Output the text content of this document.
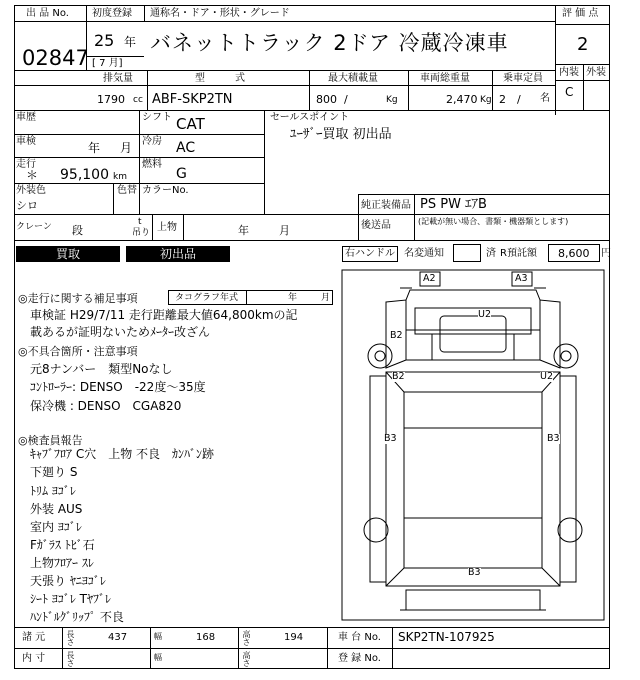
出 品 No.
02847
初度登録 通称名・ドア・形状・グレード
25 年
[ 7 月]
バネットトラック 2ドア 冷蔵冷凍車
評 価 点
2
内装 外装
C
排気量	型　　　式	最大積載量	車両総重量	乗車定員
1790 cc ABF-SKP2TN	800 /	Kg	2,470 Kg 2 / 名
車歴	シフト CAT
車検	年 月 冷房 AC
走行
＊ 95,100 km
燃料
G
外装色
シロ
色替 カラーNo.
セールスポイント
ﾕｰｻﾞｰ買取 初出品
純正装備品 PS PW ｴｱB
後送品	(記載が無い場合、書類・機器類とします)
クレーン 段
t
吊り 上物	年	月
買取	初出品	右ハンドル 名変通知	済 R預託額 8,600 円
◎走行に関する補足事項	タコグラフ年式	年	月
車検証 H29/7/11 走行距離最大値64,800kmの記
載あるが証明ないためﾒｰﾀｰ改ざん
◎不具合箇所・注意事項
元8ナンバー　類型Noなし
ｺﾝﾄﾛｰﾗｰ: DENSO　-22度～35度
保冷機 : DENSO　CGA820
◎検査員報告
ｷｬﾌﾞﾌﾛｱ C穴　上物 不良　ｶﾝﾊﾞﾝ跡
下廻り S
ﾄﾘﾑ ﾖｺﾞﾚ
外装 AUS
室内 ﾖｺﾞﾚ
Fｶﾞﾗｽ ﾄﾋﾞ石
上物ﾌﾛｱｰ ｽﾚ
天張り ﾔﾆﾖｺﾞﾚ
ｼｰﾄ ﾖｺﾞﾚ Tﾔﾌﾞﾚ
ﾊﾝﾄﾞﾙｸﾞﾘｯﾌﾟ 不良
A2	A3
U2
B2
B2	U2
B3	B3
B3
諸 元	長さ	437	幅	168	高さ	194	車 台 No. SKP2TN-107925
内 寸	長さ	幅	高さ	登 録 No.
